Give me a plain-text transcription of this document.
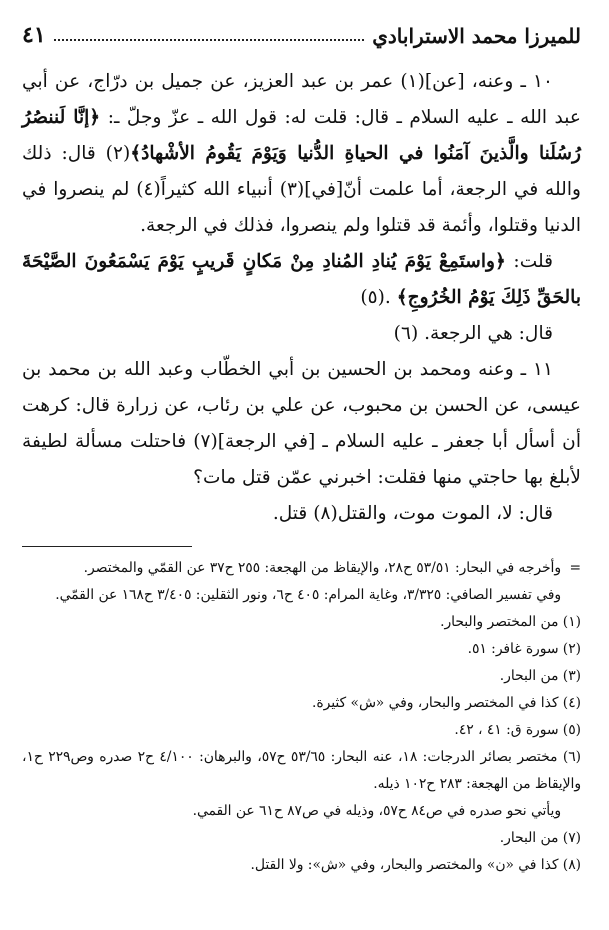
للميرزا محمد الاسترابادي
٤١

١٠ ـ وعنه، [عن](١) عمر بن عبد العزيز، عن جميل بن درّاج، عن أبي عبد الله ـ عليه السلام ـ قال: قلت له: قول الله ـ عزّ وجلّ ـ: ﴿إنَّا لَننصُرُ رُسُلَنا والَّذينَ آمَنُوا في الحياةِ الدُّنيا وَيَوْمَ يَقُومُ الأشْهادُ﴾(٢) قال: ذلك والله في الرجعة، أما علمت أنّ[في](٣) أنبياء الله كثيراً(٤) لم ينصروا في الدنيا وقتلوا، وأئمة قد قتلوا ولم ينصروا، فذلك في الرجعة.

قلت: ﴿واستَمِعْ يَوْمَ يُنادِ المُنادِ مِنْ مَكانٍ قَريبٍ يَوْمَ يَسْمَعُونَ الصَّيْحَةَ بالحَقِّ ذَلِكَ يَوْمُ الخُرُوجِ﴾ .(٥)

قال: هي الرجعة. (٦)

١١ ـ وعنه ومحمد بن الحسين بن أبي الخطّاب وعبد الله بن محمد بن عيسى، عن الحسن بن محبوب، عن علي بن رئاب، عن زرارة قال: كرهت أن أسأل أبا جعفر ـ عليه السلام ـ [في الرجعة](٧) فاحتلت مسألة لطيفة لأبلغ بها حاجتي منها فقلت: اخبرني عمّن قتل مات؟

قال: لا، الموت موت، والقتل(٨) قتل.

=
وأخرجه في البحار: ٥٣/٥١ ح٢٨، والإيقاظ من الهجعة: ٢٥٥ ح٣٧ عن القمّي والمختصر.

وفي تفسير الصافي: ٣/٣٢٥، وغاية المرام: ٤٠٥ ح٦، ونور الثقلين: ٣/٤٠٥ ح١٦٨ عن القمّي.

(١) من المختصر والبحار.

(٢) سورة غافر: ٥١.

(٣) من البحار.

(٤) كذا في المختصر والبحار، وفي «ش» كثيرة.

(٥) سورة ق: ٤١ ، ٤٢.

(٦) مختصر بصائر الدرجات: ١٨، عنه البحار: ٥٣/٦٥ ح٥٧، والبرهان: ٤/١٠٠ ح٢ صدره وص٢٢٩ ح١، والإيقاظ من الهجعة: ٢٨٣ ح١٠٢ ذيله.

ويأتي نحو صدره في ص٨٤ ح٥٧، وذيله في ص٨٧ ح٦١ عن القمي.

(٧) من البحار.

(٨) كذا في «ن» والمختصر والبحار، وفي «ش»: ولا القتل.
